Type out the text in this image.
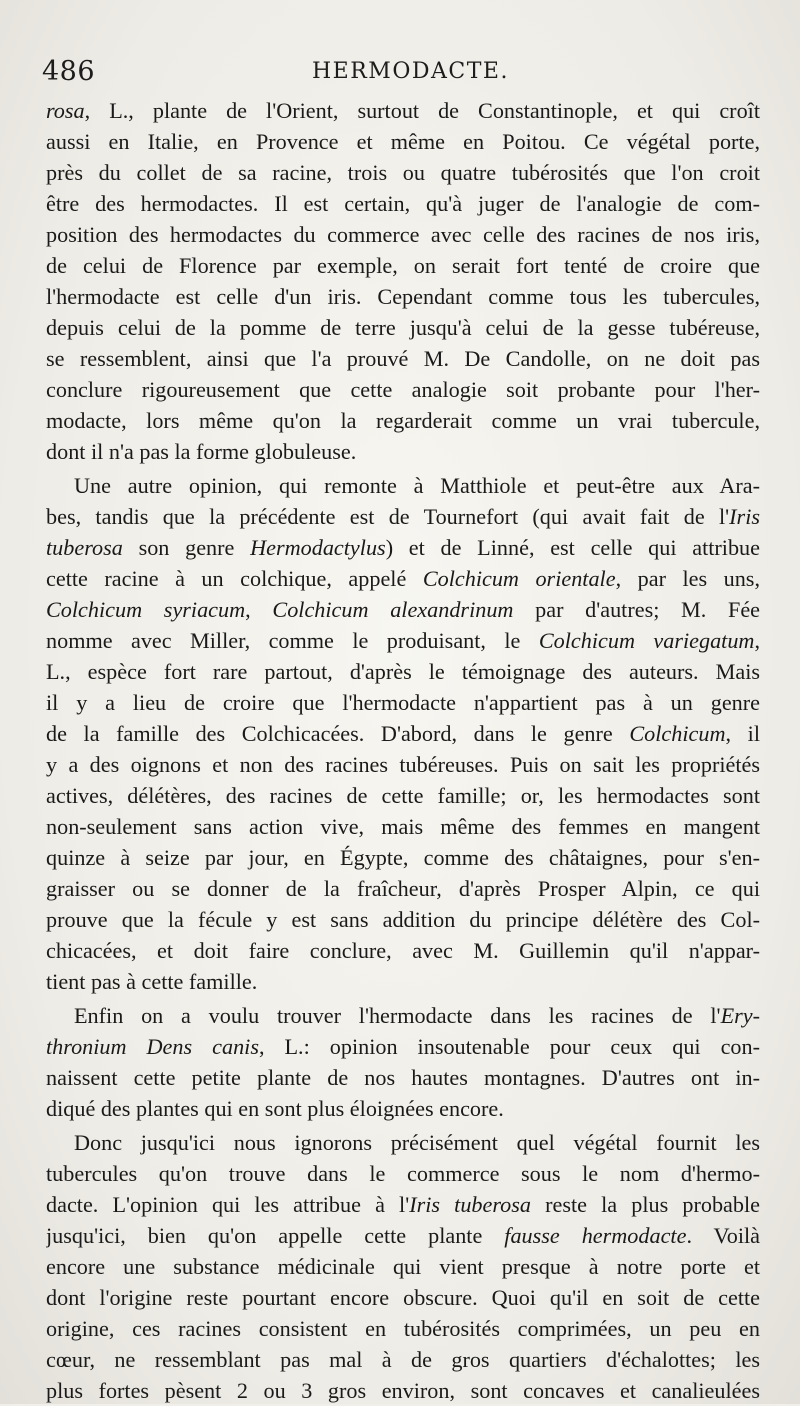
486	HERMODACTE.
rosa, L., plante de l'Orient, surtout de Constantinople, et qui croît
aussi en Italie, en Provence et même en Poitou. Ce végétal porte,
près du collet de sa racine, trois ou quatre tubérosités que l'on croit
être des hermodactes. Il est certain, qu'à juger de l'analogie de com-
position des hermodactes du commerce avec celle des racines de nos iris,
de celui de Florence par exemple, on serait fort tenté de croire que
l'hermodacte est celle d'un iris. Cependant comme tous les tubercules,
depuis celui de la pomme de terre jusqu'à celui de la gesse tubéreuse,
se ressemblent, ainsi que l'a prouvé M. De Candolle, on ne doit pas
conclure rigoureusement que cette analogie soit probante pour l'her-
modacte, lors même qu'on la regarderait comme un vrai tubercule,
dont il n'a pas la forme globuleuse.
Une autre opinion, qui remonte à Matthiole et peut-être aux Ara-
bes, tandis que la précédente est de Tournefort (qui avait fait de l'Iris
tuberosa son genre Hermodactylus) et de Linné, est celle qui attribue
cette racine à un colchique, appelé Colchicum orientale, par les uns,
Colchicum syriacum, Colchicum alexandrinum par d'autres; M. Fée
nomme avec Miller, comme le produisant, le Colchicum variegatum,
L., espèce fort rare partout, d'après le témoignage des auteurs. Mais
il y a lieu de croire que l'hermodacte n'appartient pas à un genre
de la famille des Colchicacées. D'abord, dans le genre Colchicum, il
y a des oignons et non des racines tubéreuses. Puis on sait les propriétés
actives, délétères, des racines de cette famille; or, les hermodactes sont
non-seulement sans action vive, mais même des femmes en mangent
quinze à seize par jour, en Égypte, comme des châtaignes, pour s'en-
graisser ou se donner de la fraîcheur, d'après Prosper Alpin, ce qui
prouve que la fécule y est sans addition du principe délétère des Col-
chicacées, et doit faire conclure, avec M. Guillemin qu'il n'appar-
tient pas à cette famille.
Enfin on a voulu trouver l'hermodacte dans les racines de l'Ery-
thronium Dens canis, L.: opinion insoutenable pour ceux qui con-
naissent cette petite plante de nos hautes montagnes. D'autres ont in-
diqué des plantes qui en sont plus éloignées encore.
Donc jusqu'ici nous ignorons précisément quel végétal fournit les
tubercules qu'on trouve dans le commerce sous le nom d'hermo-
dacte. L'opinion qui les attribue à l'Iris tuberosa reste la plus probable
jusqu'ici, bien qu'on appelle cette plante fausse hermodacte. Voilà
encore une substance médicinale qui vient presque à notre porte et
dont l'origine reste pourtant encore obscure. Quoi qu'il en soit de cette
origine, ces racines consistent en tubérosités comprimées, un peu en
cœur, ne ressemblant pas mal à de gros quartiers d'échalottes; les
plus fortes pèsent 2 ou 3 gros environ, sont concaves et canalieulées
